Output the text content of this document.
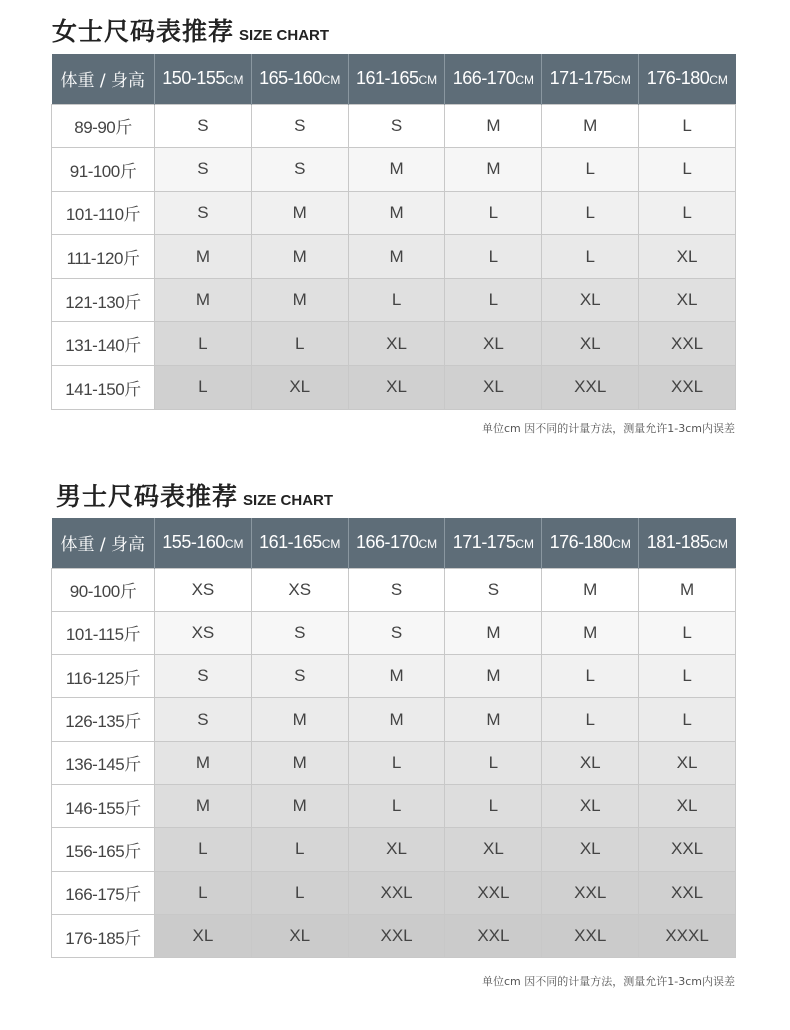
女士尺码表推荐 SIZE CHART
体重 / 身高	150-155CM	165-160CM	161-165CM	166-170CM	171-175CM	176-180CM
89-90斤	S	S	S	M	M	L
91-100斤	S	S	M	M	L	L
101-110斤	S	M	M	L	L	L
111-120斤	M	M	M	L	L	XL
121-130斤	M	M	L	L	XL	XL
131-140斤	L	L	XL	XL	XL	XXL
141-150斤	L	XL	XL	XL	XXL	XXL
单位cm 因不同的计量方法，测量允许1-3cm内误差
男士尺码表推荐 SIZE CHART
体重 / 身高	155-160CM	161-165CM	166-170CM	171-175CM	176-180CM	181-185CM
90-100斤	XS	XS	S	S	M	M
101-115斤	XS	S	S	M	M	L
116-125斤	S	S	M	M	L	L
126-135斤	S	M	M	M	L	L
136-145斤	M	M	L	L	XL	XL
146-155斤	M	M	L	L	XL	XL
156-165斤	L	L	XL	XL	XL	XXL
166-175斤	L	L	XXL	XXL	XXL	XXL
176-185斤	XL	XL	XXL	XXL	XXL	XXXL
单位cm 因不同的计量方法，测量允许1-3cm内误差
